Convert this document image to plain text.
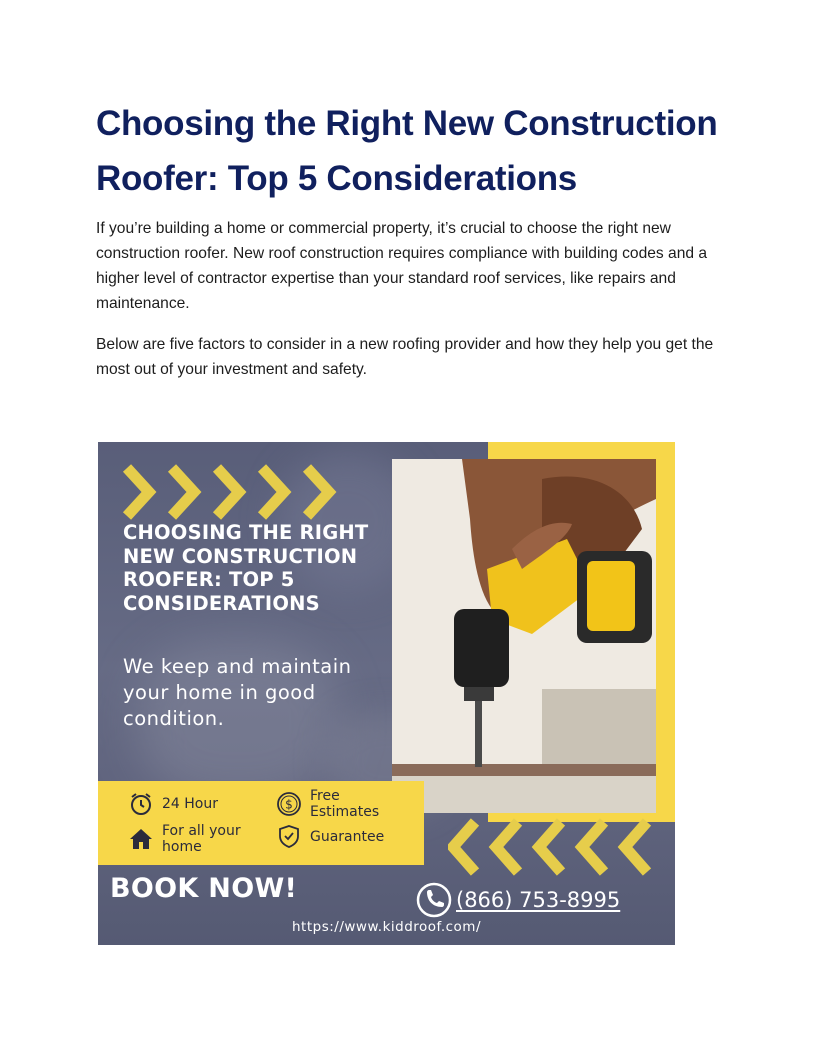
Choosing the Right New Construction Roofer: Top 5 Considerations

If you’re building a home or commercial property, it’s crucial to choose the right new construction roofer. New roof construction requires compliance with building codes and a higher level of contractor expertise than your standard roof services, like repairs and maintenance.

Below are five factors to consider in a new roofing provider and how they help you get the most out of your investment and safety.

CHOOSING THE RIGHT NEW CONSTRUCTION ROOFER: TOP 5 CONSIDERATIONS

We keep and maintain your home in good condition.

24 Hour
For all your home
$
Free Estimates
Guarantee

BOOK NOW!	(866) 753-8995

https://www.kiddroof.com/
